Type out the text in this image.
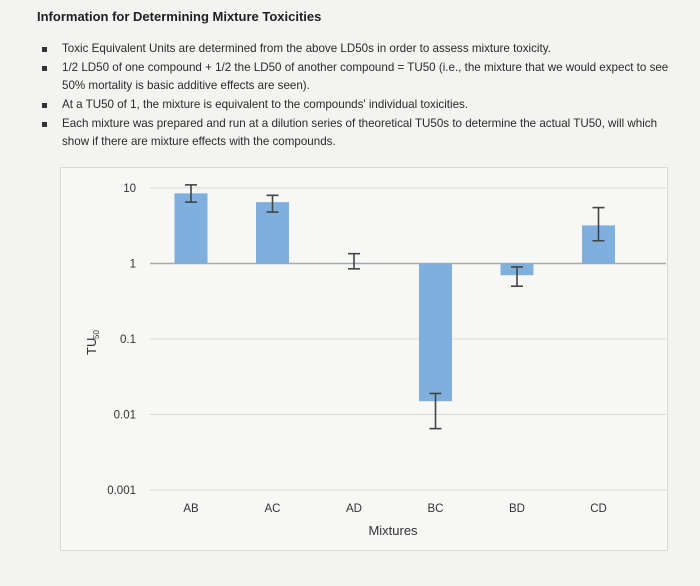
Information for Determining Mixture Toxicities
Toxic Equivalent Units are determined from the above LD50s in order to assess mixture toxicity.
1/2 LD50 of one compound + 1/2 the LD50 of another compound = TU50 (i.e., the mixture that we would expect to see 50% mortality is basic additive effects are seen).
At a TU50 of 1, the mixture is equivalent to the compounds' individual toxicities.
Each mixture was prepared and run at a dilution series of theoretical TU50s to determine the actual TU50, will which show if there are mixture effects with the compounds.
10
1
0.1
0.01
0.001
AB	AC	AD	BC	BD	CD
Mixtures
TU
50
